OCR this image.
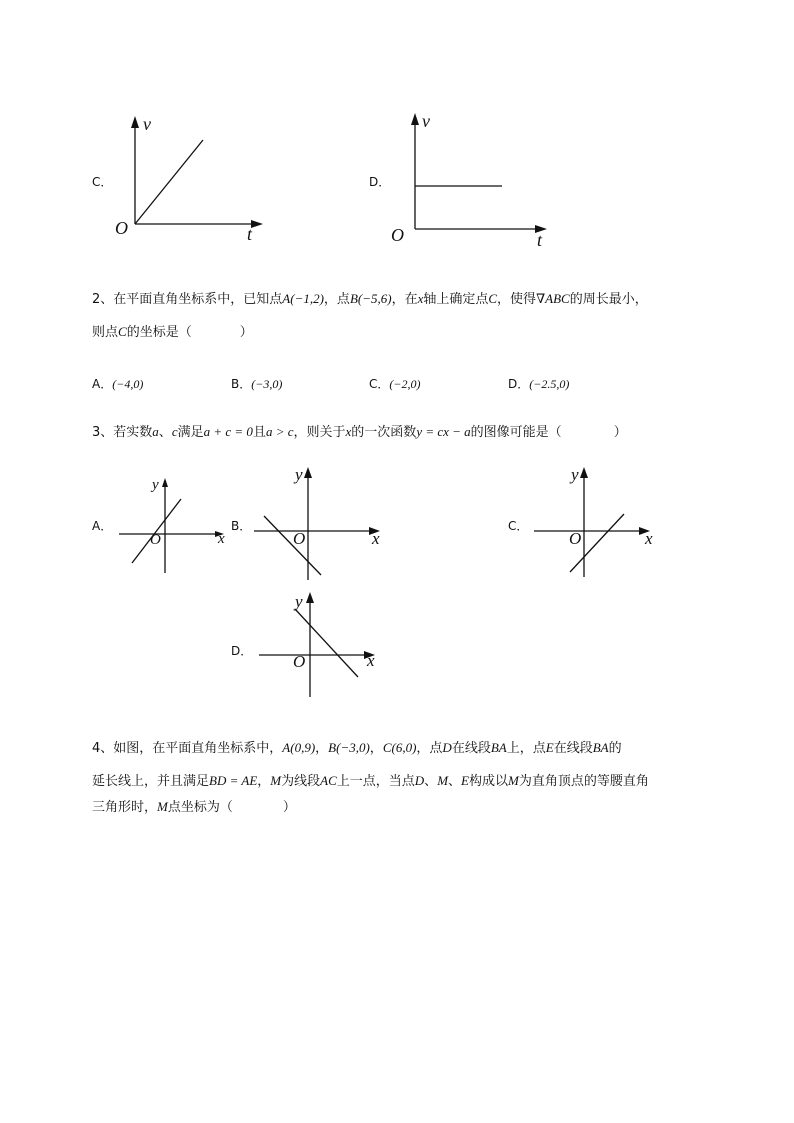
C．
v
t
O
D．
v
t
O
2、在平面直角坐标系中，已知点A(−1,2)，点B(−5,6)，在x轴上确定点C，使得∇ABC的周长最小，
则点C的坐标是（	）
A．(−4,0)	B．(−3,0)	C．(−2,0)	D．(−2.5,0)
3、若实数a、c满足a + c = 0且a > c，则关于x的一次函数y = cx − a的图像可能是（	）
A．
y
x
O
B．
y
x
O
C．
y
x
O
D．
y
x
O
4、如图，在平面直角坐标系中，A(0,9)，B(−3,0)，C(6,0)，点D在线段BA上，点E在线段BA的
延长线上，并且满足BD = AE，M为线段AC上一点，当点D、M、E构成以M为直角顶点的等腰直角
三角形时，M点坐标为（	）
